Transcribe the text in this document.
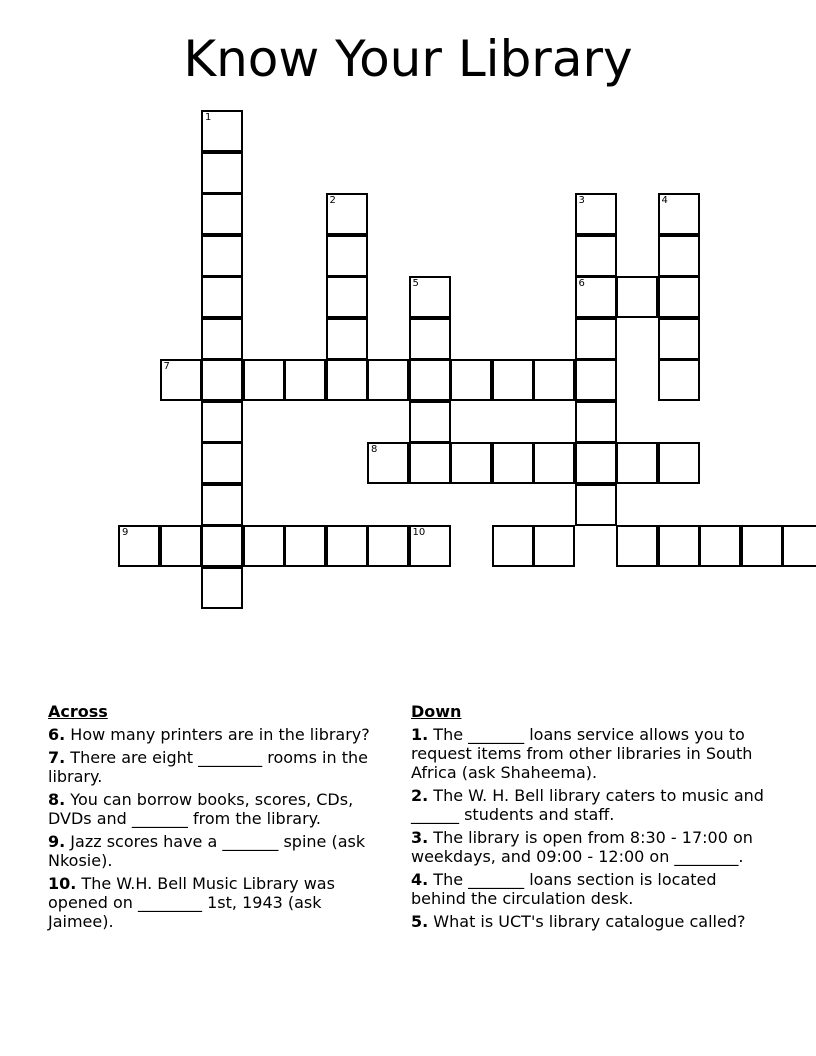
Know Your Library
1
2	3
6
4
5
7
8
9	10
Across
6. How many printers are in the library?
7. There are eight ________ rooms in the library.
8. You can borrow books, scores, CDs, DVDs and _______ from the library.
9. Jazz scores have a _______ spine (ask Nkosie).
10. The W.H. Bell Music Library was opened on ________ 1st, 1943 (ask Jaimee).
Down
1. The _______ loans service allows you to request items from other libraries in South Africa (ask Shaheema).
2. The W. H. Bell library caters to music and ______ students and staff.
3. The library is open from 8:30 - 17:00 on weekdays, and 09:00 - 12:00 on ________.
4. The _______ loans section is located behind the circulation desk.
5. What is UCT's library catalogue called?
